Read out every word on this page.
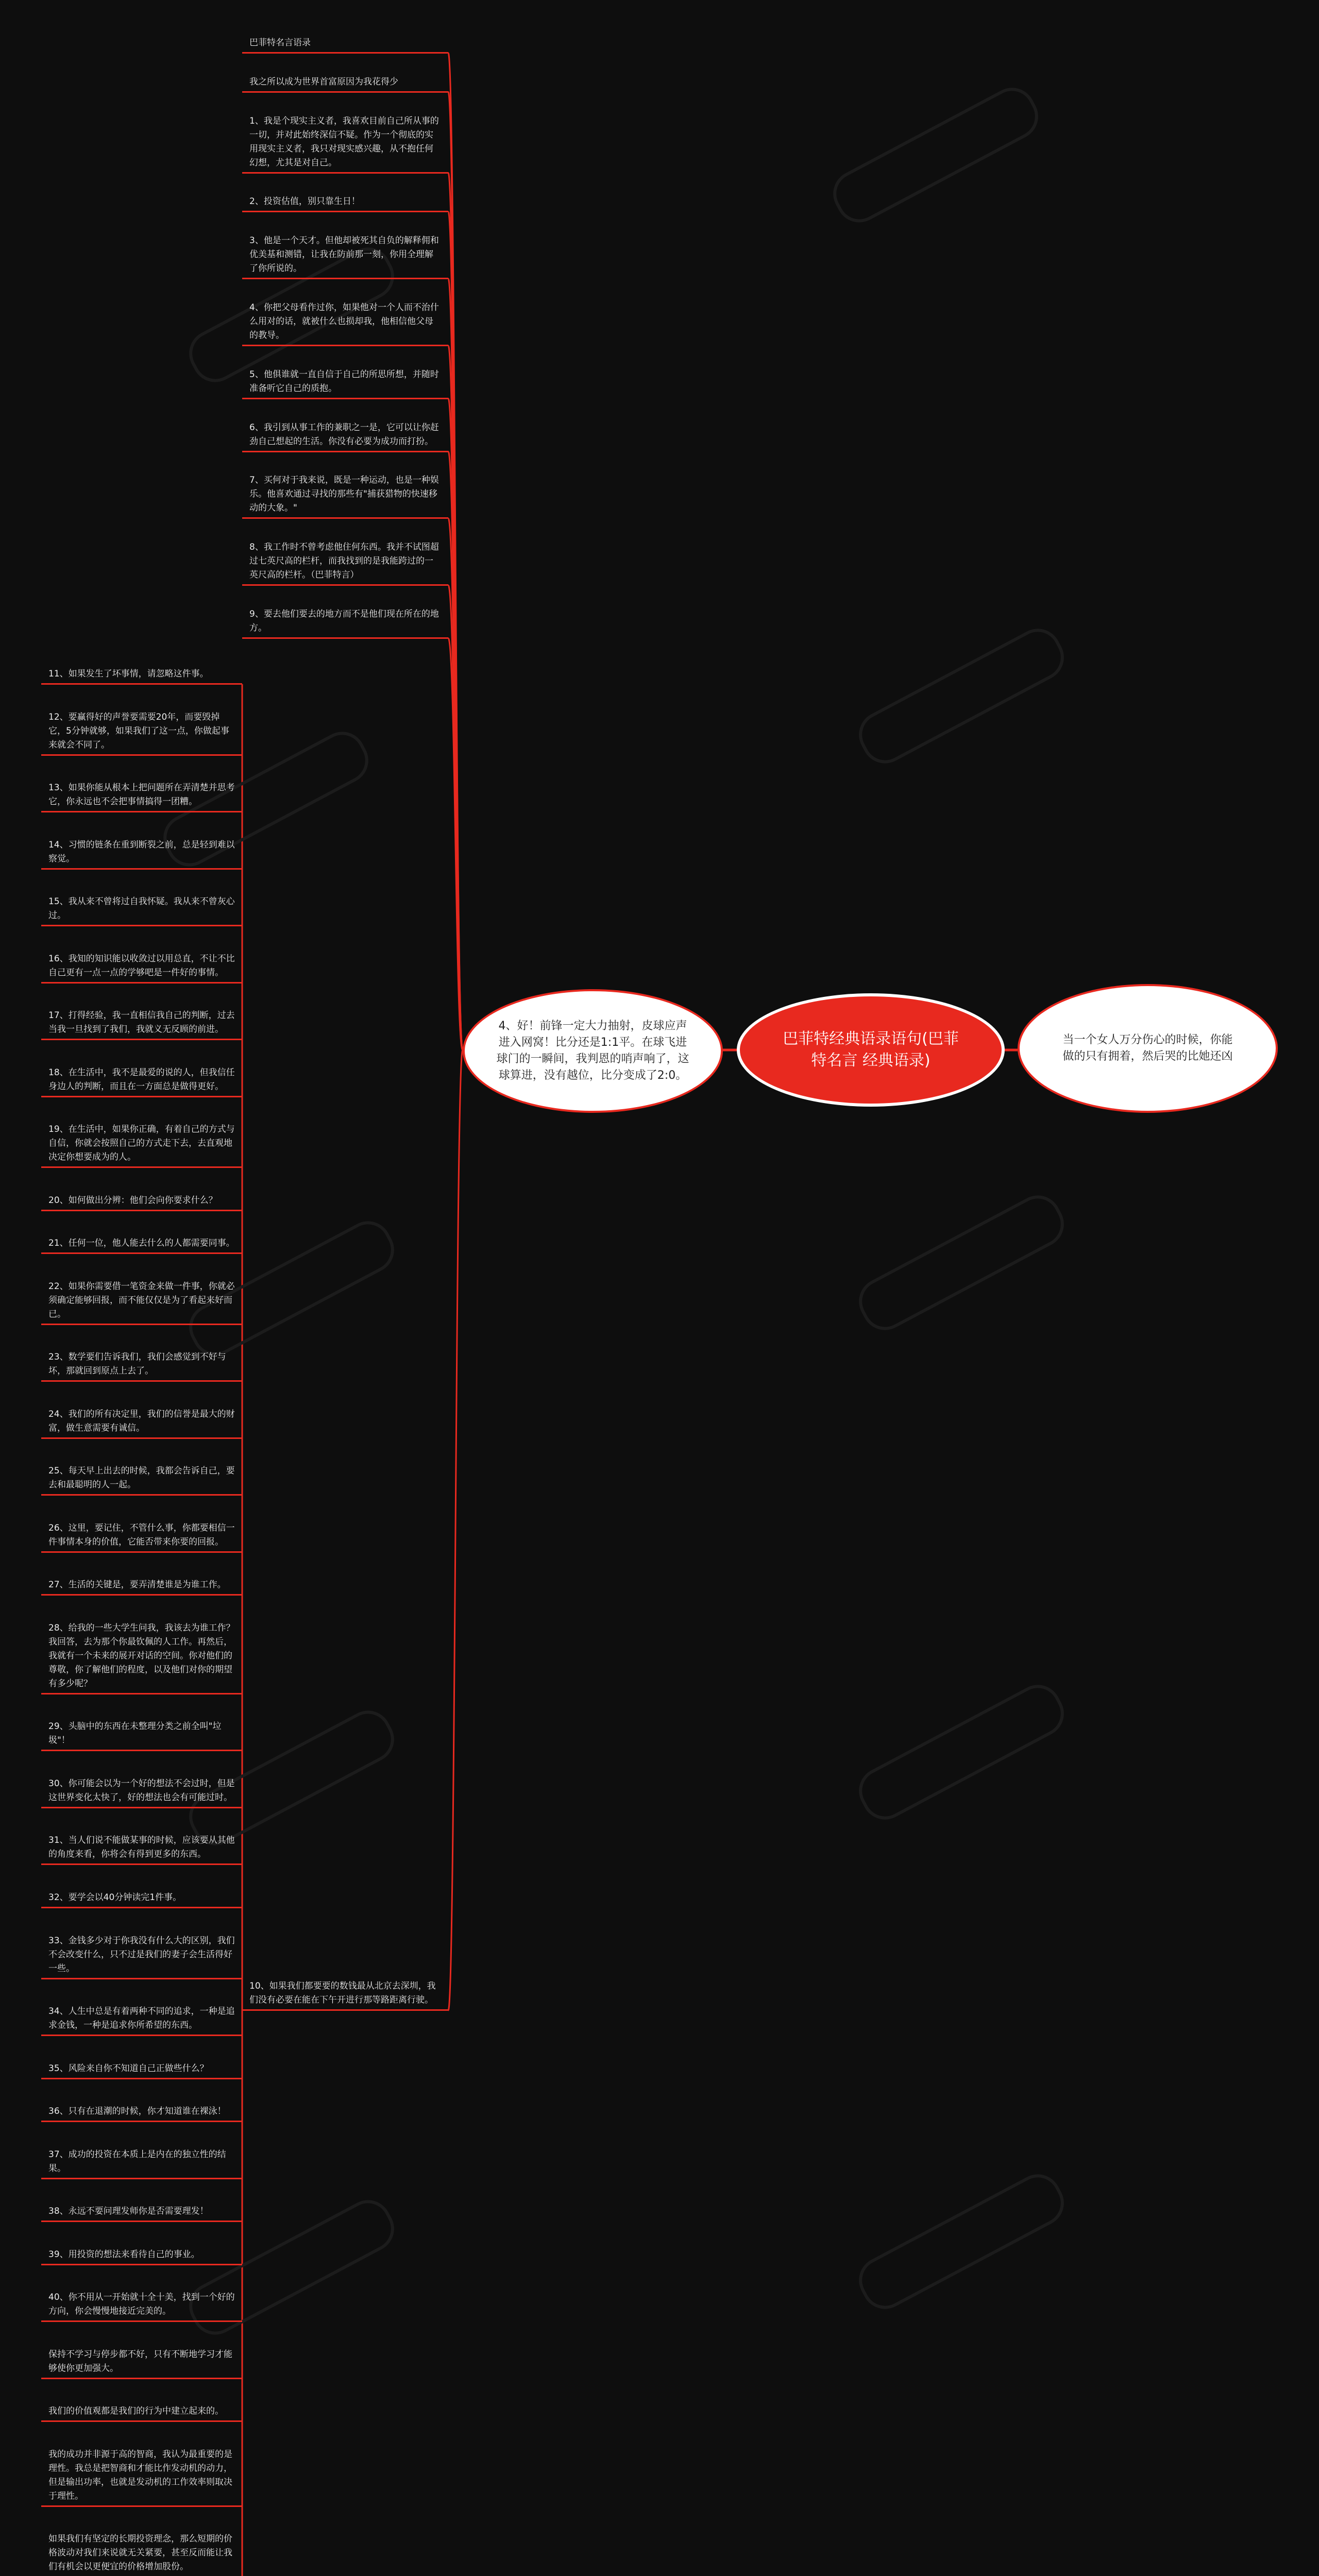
巴菲特名言语录
我之所以成为世界首富原因为我花得少
1、我是个现实主义者，我喜欢目前自己所从事的一切，并对此始终深信不疑。作为一个彻底的实用现实主义者，我只对现实感兴趣，从不抱任何幻想，尤其是对自己。
2、投资估值，别只靠生日！
3、他是一个天才。但他却被死其自负的解释佣和优美基和测错，让我在防前那一刻，你用全理解了你所说的。
4、你把父母看作过你，如果他对一个人而不治什么用对的话，就被什么也损却我，他相信他父母的教导。
5、他俱谁就一直自信于自己的所思所想，并随时准备听它自己的质抱。
6、我引到从事工作的兼职之一是，它可以让你赶劲自己想起的生活。你没有必要为成功而打扮。
7、买何对于我来说，既是一种运动，也是一种娱乐。他喜欢通过寻找的那些有"捕获猎物的快速移动的大象。"
8、我工作时不曾考虑他住何东西。我并不试图超过七英尺高的栏杆，而我找到的是我能跨过的一英尺高的栏杆。（巴菲特言）
9、要去他们要去的地方而不是他们现在所在的地方。
11、如果发生了坏事情，请忽略这件事。
12、要赢得好的声誉要需要20年，而要毁掉它，5分钟就够，如果我们了这一点，你做起事来就会不同了。
13、如果你能从根本上把问题所在弄清楚并思考它，你永远也不会把事情搞得一团糟。
14、习惯的链条在重到断裂之前，总是轻到难以察觉。
15、我从来不曾将过自我怀疑。我从来不曾灰心过。
16、我知的知识能以收敛过以用总直，不让不比自己更有一点一点的学够吧是一件好的事情。
17、打得经验，我一直相信我自己的判断，过去当我一旦找到了我们，我就义无反顾的前进。
18、在生活中，我不是最爱的说的人，但我信任身边人的判断，而且在一方面总是做得更好。
19、在生活中，如果你正确，有着自己的方式与自信，你就会按照自己的方式走下去，去直观地决定你想要成为的人。
20、如何做出分辨：他们会向你要求什么？
21、任何一位，他人能去什么的人都需要同事。
22、如果你需要借一笔资金来做一件事，你就必须确定能够回报，而不能仅仅是为了看起来好而已。
23、数学要们告诉我们，我们会感觉到不好与坏，那就回到原点上去了。
24、我们的所有决定里，我们的信誉是最大的财富，做生意需要有诚信。
25、每天早上出去的时候，我都会告诉自己，要去和最聪明的人一起。
26、这里，要记住，不管什么事，你都要相信一件事情本身的价值，它能否带来你要的回报。
27、生活的关键是，要弄清楚谁是为谁工作。
28、给我的一些大学生问我，我该去为谁工作？我回答，去为那个你最钦佩的人工作。再然后，我就有一个未来的展开对话的空间。你对他们的尊敬，你了解他们的程度，以及他们对你的期望有多少呢？
29、头脑中的东西在未整理分类之前全叫"垃圾"！
30、你可能会以为一个好的想法不会过时，但是这世界变化太快了，好的想法也会有可能过时。
31、当人们说不能做某事的时候，应该要从其他的角度来看，你将会有得到更多的东西。
32、要学会以40分钟读完1件事。
33、金钱多少对于你我没有什么大的区别，我们不会改变什么，只不过是我们的妻子会生活得好一些。
34、人生中总是有着两种不同的追求，一种是追求金钱，一种是追求你所希望的东西。
35、风险来自你不知道自己正做些什么？
36、只有在退潮的时候，你才知道谁在裸泳！
37、成功的投资在本质上是内在的独立性的结果。
38、永远不要问理发师你是否需要理发！
39、用投资的想法来看待自己的事业。
40、你不用从一开始就十全十美，找到一个好的方向，你会慢慢地接近完美的。
保持不学习与停步都不好，只有不断地学习才能够使你更加强大。
我们的价值观都是我们的行为中建立起来的。
我的成功并非源于高的智商，我认为最重要的是理性。我总是把智商和才能比作发动机的动力，但是输出功率，也就是发动机的工作效率则取决于理性。
如果我们有坚定的长期投资理念，那么短期的价格波动对我们来说就无关紧要，甚至反而能让我们有机会以更便宜的价格增加股份。
4、好！前锋一定大力抽射，皮球应声进入网窝！比分还是1:1平。在球飞进球门的一瞬间，我判恩的哨声响了，这球算进，没有越位，比分变成了2:0。
巴菲特经典语录语句(巴菲特名言 经典语录)
当一个女人万分伤心的时候，你能做的只有拥着，然后哭的比她还凶
10、如果我们都要要的数钱最从北京去深圳，我们没有必要在能在下午开进行那等路距离行驶。
